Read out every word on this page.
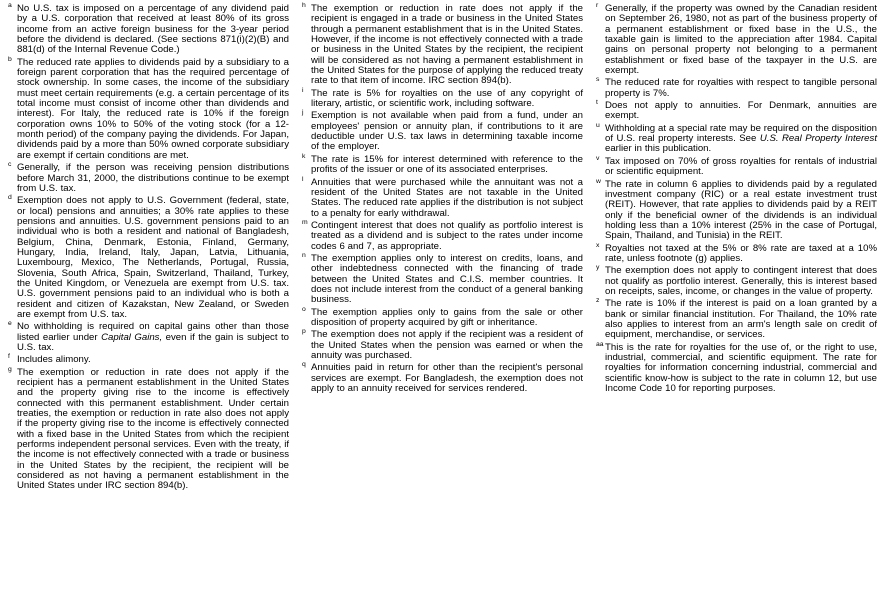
a No U.S. tax is imposed on a percentage of any dividend paid by a U.S. corporation that received at least 80% of its gross income from an active foreign business for the 3-year period before the dividend is declared. (See sections 871(i)(2)(B) and 881(d) of the Internal Revenue Code.)
b The reduced rate applies to dividends paid by a subsidiary to a foreign parent corporation that has the required percentage of stock ownership. In some cases, the income of the subsidiary must meet certain requirements (e.g. a certain percentage of its total income must consist of income other than dividends and interest). For Italy, the reduced rate is 10% if the foreign corporation owns 10% to 50% of the voting stock (for a 12-month period) of the company paying the dividends. For Japan, dividends paid by a more than 50% owned corporate subsidiary are exempt if certain conditions are met.
c Generally, if the person was receiving pension distributions before March 31, 2000, the distributions continue to be exempt from U.S. tax.
d Exemption does not apply to U.S. Government (federal, state, or local) pensions and annuities; a 30% rate applies to these pensions and annuities. U.S. government pensions paid to an individual who is both a resident and national of Bangladesh, Belgium, China, Denmark, Estonia, Finland, Germany, Hungary, India, Ireland, Italy, Japan, Latvia, Lithuania, Luxembourg, Mexico, The Netherlands, Portugal, Russia, Slovenia, South Africa, Spain, Switzerland, Thailand, Turkey, the United Kingdom, or Venezuela are exempt from U.S. tax. U.S. government pensions paid to an individual who is both a resident and citizen of Kazakstan, New Zealand, or Sweden are exempt from U.S. tax.
e No withholding is required on capital gains other than those listed earlier under Capital Gains, even if the gain is subject to U.S. tax.
f Includes alimony.
g The exemption or reduction in rate does not apply if the recipient has a permanent establishment in the United States and the property giving rise to the income is effectively connected with this permanent establishment. Under certain treaties, the exemption or reduction in rate also does not apply if the property giving rise to the income is effectively connected with a fixed base in the United States from which the recipient performs independent personal services. Even with the treaty, if the income is not effectively connected with a trade or business in the United States by the recipient, the recipient will be considered as not having a permanent establishment in the United States under IRC section 894(b).
h The exemption or reduction in rate does not apply if the recipient is engaged in a trade or business in the United States through a permanent establishment that is in the United States. However, if the income is not effectively connected with a trade or business in the United States by the recipient, the recipient will be considered as not having a permanent establishment in the United States for the purpose of applying the reduced treaty rate to that item of income. IRC section 894(b).
i The rate is 5% for royalties on the use of any copyright of literary, artistic, or scientific work, including software.
j Exemption is not available when paid from a fund, under an employees' pension or annuity plan, if contributions to it are deductible under U.S. tax laws in determining taxable income of the employer.
k The rate is 15% for interest determined with reference to the profits of the issuer or one of its associated enterprises.
l Annuities that were purchased while the annuitant was not a resident of the United States are not taxable in the United States. The reduced rate applies if the distribution is not subject to a penalty for early withdrawal.
m Contingent interest that does not qualify as portfolio interest is treated as a dividend and is subject to the rates under income codes 6 and 7, as appropriate.
n The exemption applies only to interest on credits, loans, and other indebtedness connected with the financing of trade between the United States and C.I.S. member countries. It does not include interest from the conduct of a general banking business.
o The exemption applies only to gains from the sale or other disposition of property acquired by gift or inheritance.
p The exemption does not apply if the recipient was a resident of the United States when the pension was earned or when the annuity was purchased.
q Annuities paid in return for other than the recipient's personal services are exempt. For Bangladesh, the exemption does not apply to an annuity received for services rendered.
r Generally, if the property was owned by the Canadian resident on September 26, 1980, not as part of the business property of a permanent establishment or fixed base in the U.S., the taxable gain is limited to the appreciation after 1984. Capital gains on personal property not belonging to a permanent establishment or fixed base of the taxpayer in the U.S. are exempt.
s The reduced rate for royalties with respect to tangible personal property is 7%.
t Does not apply to annuities. For Denmark, annuities are exempt.
u Withholding at a special rate may be required on the disposition of U.S. real property interests. See U.S. Real Property Interest earlier in this publication.
v Tax imposed on 70% of gross royalties for rentals of industrial or scientific equipment.
w The rate in column 6 applies to dividends paid by a regulated investment company (RIC) or a real estate investment trust (REIT). However, that rate applies to dividends paid by a REIT only if the beneficial owner of the dividends is an individual holding less than a 10% interest (25% in the case of Portugal, Spain, Thailand, and Tunisia) in the REIT.
x Royalties not taxed at the 5% or 8% rate are taxed at a 10% rate, unless footnote (g) applies.
y The exemption does not apply to contingent interest that does not qualify as portfolio interest. Generally, this is interest based on receipts, sales, income, or changes in the value of property.
z The rate is 10% if the interest is paid on a loan granted by a bank or similar financial institution. For Thailand, the 10% rate also applies to interest from an arm's length sale on credit of equipment, merchandise, or services.
aa This is the rate for royalties for the use of, or the right to use, industrial, commercial, and scientific equipment. The rate for royalties for information concerning industrial, commercial and scientific know-how is subject to the rate in column 12, but use Income Code 10 for reporting purposes.
